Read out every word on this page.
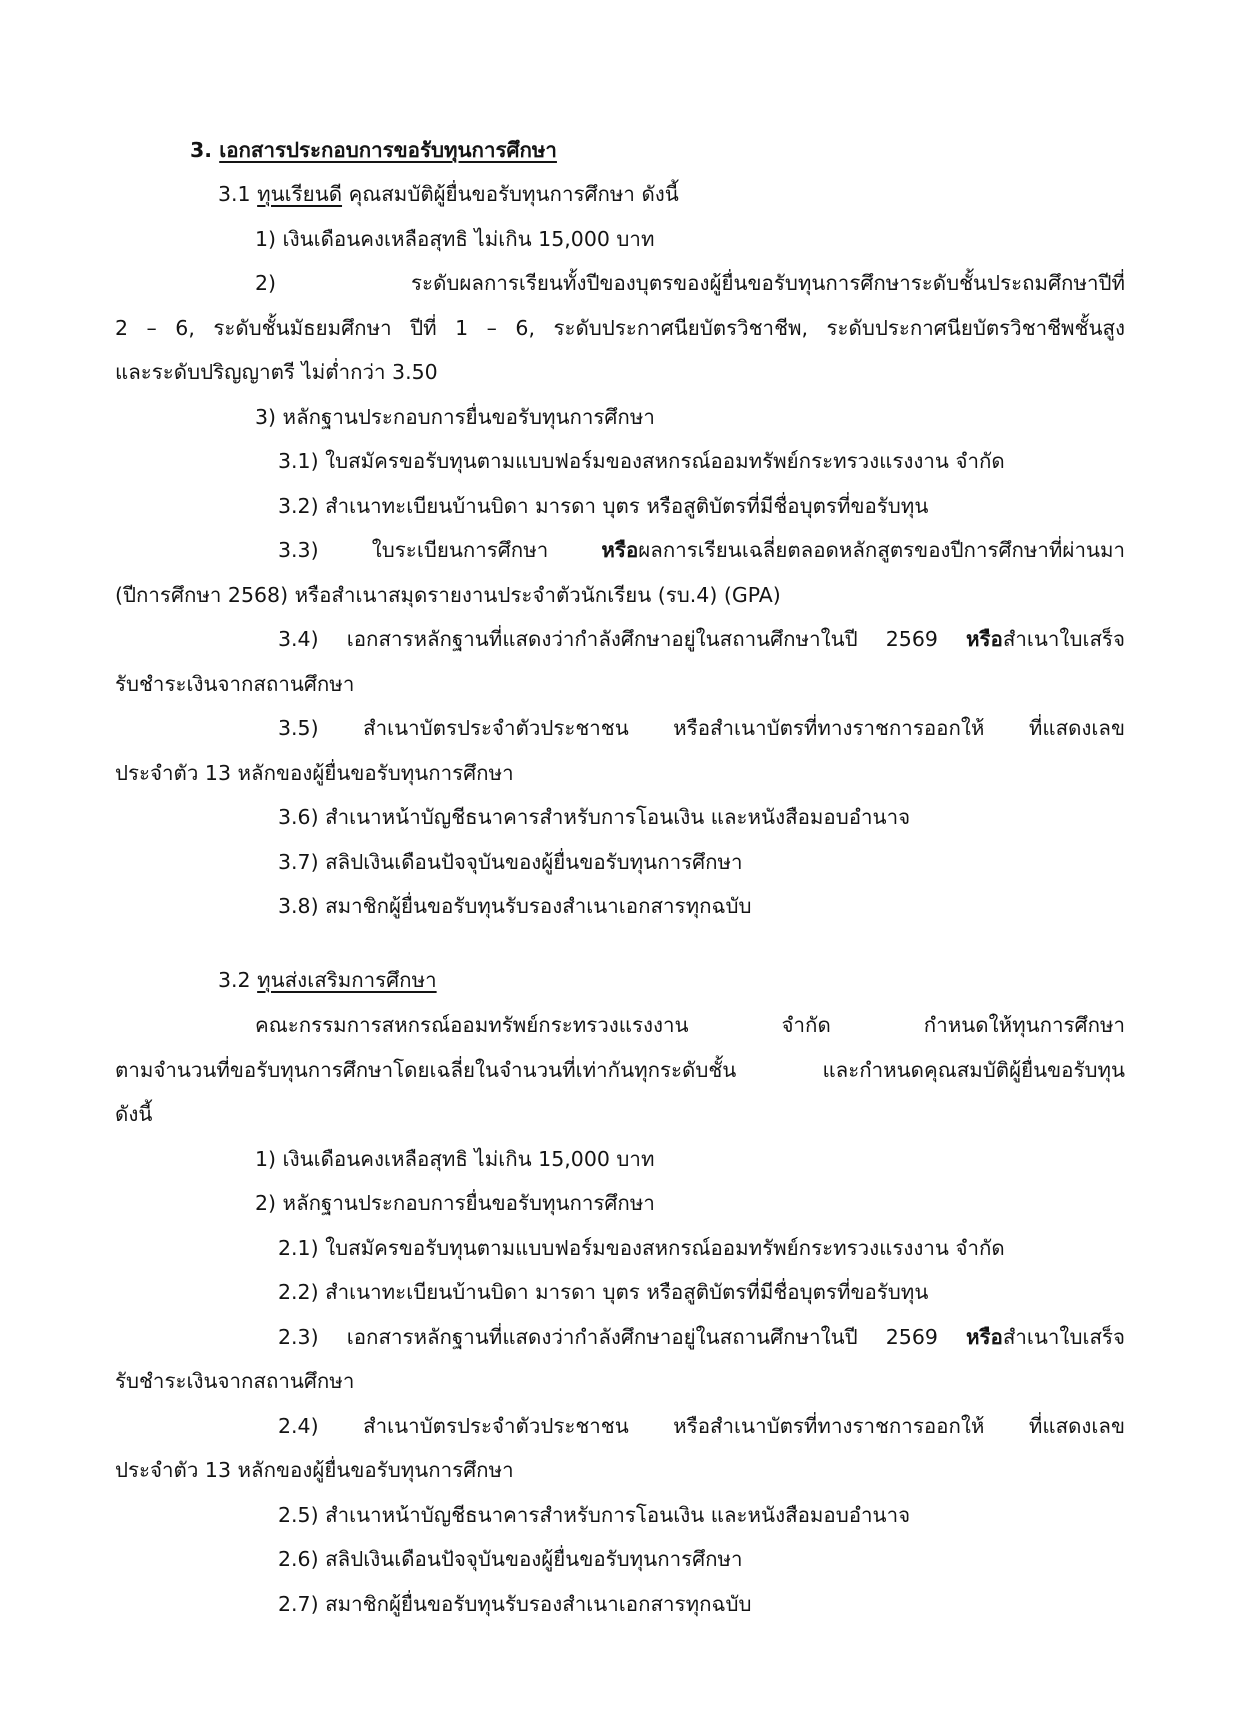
3. เอกสารประกอบการขอรับทุนการศึกษา
3.1 ทุนเรียนดี คุณสมบัติผู้ยื่นขอรับทุนการศึกษา ดังนี้
1) เงินเดือนคงเหลือสุทธิ ไม่เกิน 15,000 บาท
2) ระดับผลการเรียนทั้งปีของบุตรของผู้ยื่นขอรับทุนการศึกษาระดับชั้นประถมศึกษาปีที่
2 – 6, ระดับชั้นมัธยมศึกษา ปีที่ 1 – 6, ระดับประกาศนียบัตรวิชาชีพ, ระดับประกาศนียบัตรวิชาชีพชั้นสูง
และระดับปริญญาตรี ไม่ต่ำกว่า 3.50
3) หลักฐานประกอบการยื่นขอรับทุนการศึกษา
3.1) ใบสมัครขอรับทุนตามแบบฟอร์มของสหกรณ์ออมทรัพย์กระทรวงแรงงาน จำกัด
3.2) สำเนาทะเบียนบ้านบิดา มารดา บุตร หรือสูติบัตรที่มีชื่อบุตรที่ขอรับทุน
3.3) ใบระเบียนการศึกษา หรือผลการเรียนเฉลี่ยตลอดหลักสูตรของปีการศึกษาที่ผ่านมา
(ปีการศึกษา 2568) หรือสำเนาสมุดรายงานประจำตัวนักเรียน (รบ.4) (GPA)
3.4) เอกสารหลักฐานที่แสดงว่ากำลังศึกษาอยู่ในสถานศึกษาในปี 2569 หรือสำเนาใบเสร็จ
รับชำระเงินจากสถานศึกษา
3.5) สำเนาบัตรประจำตัวประชาชน หรือสำเนาบัตรที่ทางราชการออกให้ ที่แสดงเลข
ประจำตัว 13 หลักของผู้ยื่นขอรับทุนการศึกษา
3.6) สำเนาหน้าบัญชีธนาคารสำหรับการโอนเงิน และหนังสือมอบอำนาจ
3.7) สลิปเงินเดือนปัจจุบันของผู้ยื่นขอรับทุนการศึกษา
3.8) สมาชิกผู้ยื่นขอรับทุนรับรองสำเนาเอกสารทุกฉบับ
3.2 ทุนส่งเสริมการศึกษา
คณะกรรมการสหกรณ์ออมทรัพย์กระทรวงแรงงาน จำกัด กำหนดให้ทุนการศึกษา
ตามจำนวนที่ขอรับทุนการศึกษาโดยเฉลี่ยในจำนวนที่เท่ากันทุกระดับชั้น และกำหนดคุณสมบัติผู้ยื่นขอรับทุน
ดังนี้
1) เงินเดือนคงเหลือสุทธิ ไม่เกิน 15,000 บาท
2) หลักฐานประกอบการยื่นขอรับทุนการศึกษา
2.1) ใบสมัครขอรับทุนตามแบบฟอร์มของสหกรณ์ออมทรัพย์กระทรวงแรงงาน จำกัด
2.2) สำเนาทะเบียนบ้านบิดา มารดา บุตร หรือสูติบัตรที่มีชื่อบุตรที่ขอรับทุน
2.3) เอกสารหลักฐานที่แสดงว่ากำลังศึกษาอยู่ในสถานศึกษาในปี 2569 หรือสำเนาใบเสร็จ
รับชำระเงินจากสถานศึกษา
2.4) สำเนาบัตรประจำตัวประชาชน หรือสำเนาบัตรที่ทางราชการออกให้ ที่แสดงเลข
ประจำตัว 13 หลักของผู้ยื่นขอรับทุนการศึกษา
2.5) สำเนาหน้าบัญชีธนาคารสำหรับการโอนเงิน และหนังสือมอบอำนาจ
2.6) สลิปเงินเดือนปัจจุบันของผู้ยื่นขอรับทุนการศึกษา
2.7) สมาชิกผู้ยื่นขอรับทุนรับรองสำเนาเอกสารทุกฉบับ
